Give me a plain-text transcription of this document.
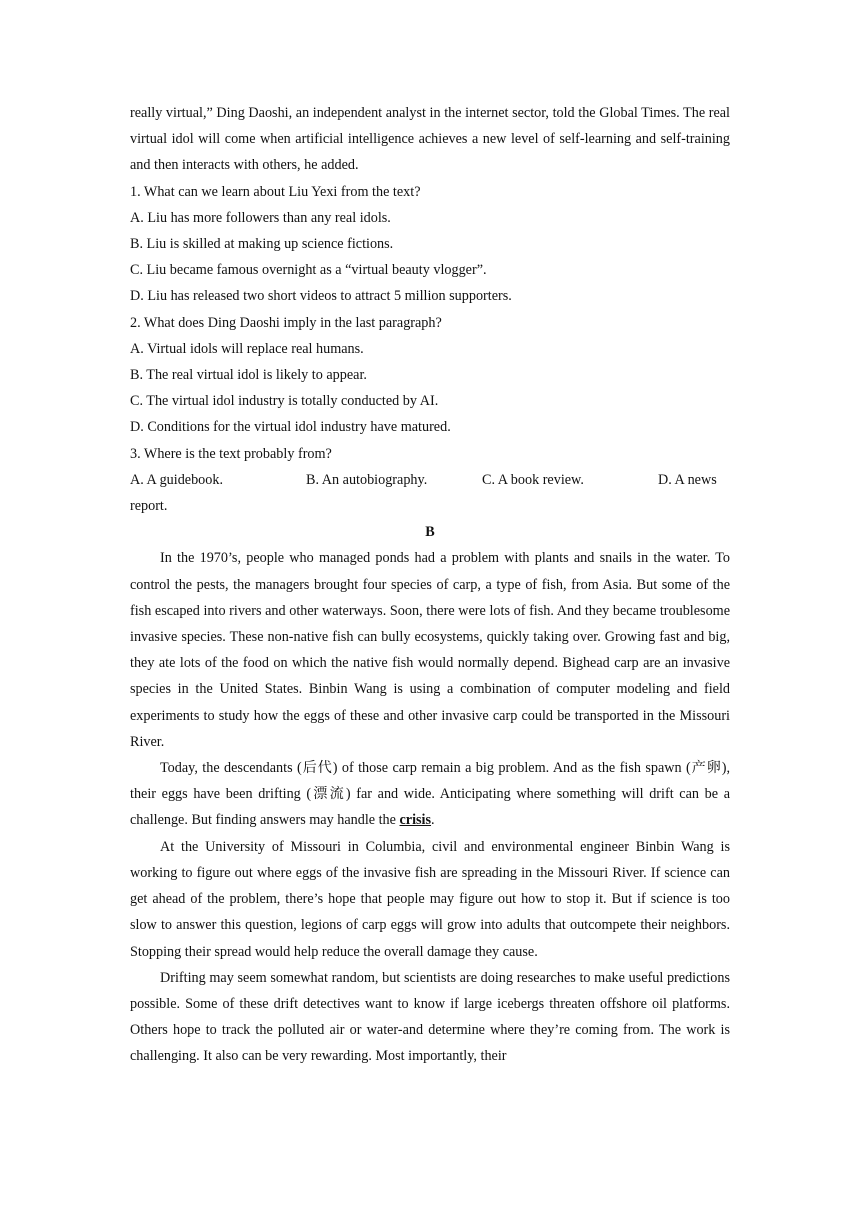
really virtual,” Ding Daoshi, an independent analyst in the internet sector, told the Global Times. The real virtual idol will come when artificial intelligence achieves a new level of self-learning and self-training and then interacts with others, he added.

1. What can we learn about Liu Yexi from the text?

A. Liu has more followers than any real idols.

B. Liu is skilled at making up science fictions.

C. Liu became famous overnight as a “virtual beauty vlogger”.

D. Liu has released two short videos to attract 5 million supporters.

2. What does Ding Daoshi imply in the last paragraph?

A. Virtual idols will replace real humans.

B. The real virtual idol is likely to appear.

C. The virtual idol industry is totally conducted by AI.

D. Conditions for the virtual idol industry have matured.

3. Where is the text probably from?

A. A guidebook.	B. An autobiography.	C. A book review.	D. A news

report.

B

In the 1970’s, people who managed ponds had a problem with plants and snails in the water. To control the pests, the managers brought four species of carp, a type of fish, from Asia. But some of the fish escaped into rivers and other waterways. Soon, there were lots of fish. And they became troublesome invasive species. These non-native fish can bully ecosystems, quickly taking over. Growing fast and big, they ate lots of the food on which the native fish would normally depend. Bighead carp are an invasive species in the United States. Binbin Wang is using a combination of computer modeling and field experiments to study how the eggs of these and other invasive carp could be transported in the Missouri River.

Today, the descendants (后代) of those carp remain a big problem. And as the fish spawn (产卵), their eggs have been drifting (漂流) far and wide. Anticipating where something will drift can be a challenge. But finding answers may handle the crisis.

At the University of Missouri in Columbia, civil and environmental engineer Binbin Wang is working to figure out where eggs of the invasive fish are spreading in the Missouri River. If science can get ahead of the problem, there’s hope that people may figure out how to stop it. But if science is too slow to answer this question, legions of carp eggs will grow into adults that outcompete their neighbors. Stopping their spread would help reduce the overall damage they cause.

Drifting may seem somewhat random, but scientists are doing researches to make useful predictions possible. Some of these drift detectives want to know if large icebergs threaten offshore oil platforms. Others hope to track the polluted air or water-and determine where they’re coming from. The work is challenging. It also can be very rewarding. Most importantly, their
